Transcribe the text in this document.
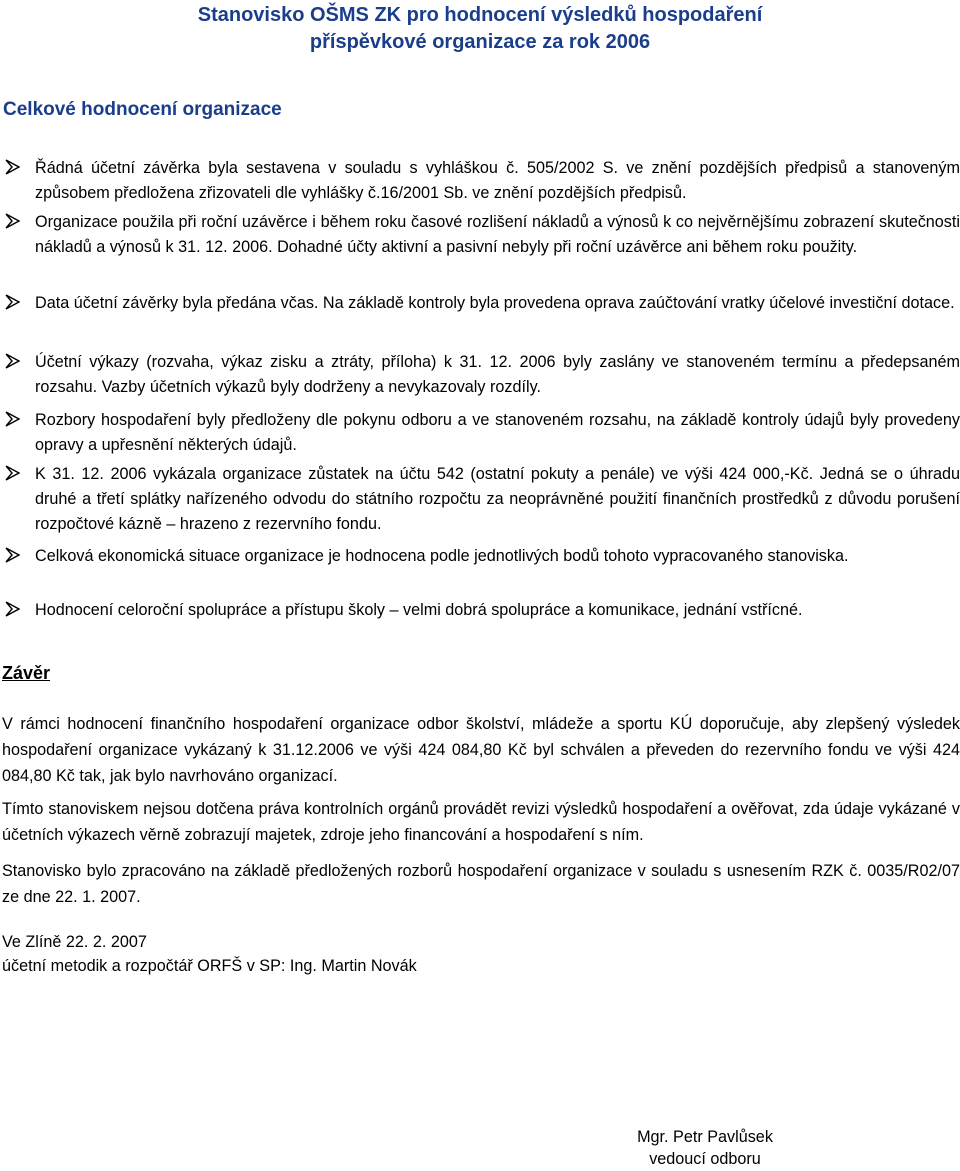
Stanovisko OŠMS ZK pro hodnocení výsledků hospodaření
příspěvkové organizace za rok 2006
Celkové hodnocení organizace
Řádná účetní závěrka byla sestavena v souladu s vyhláškou č. 505/2002 S. ve znění pozdějších předpisů a stanoveným způsobem předložena zřizovateli dle vyhlášky č.16/2001 Sb. ve znění pozdějších předpisů.
Organizace použila při roční uzávěrce i během roku časové rozlišení nákladů a výnosů k co nejvěrnějšímu zobrazení skutečnosti nákladů a výnosů k 31. 12. 2006. Dohadné účty aktivní a pasivní nebyly při roční uzávěrce ani během roku použity.
Data účetní závěrky byla předána včas. Na základě kontroly byla provedena oprava zaúčtování vratky účelové investiční dotace.
Účetní výkazy (rozvaha, výkaz zisku a ztráty, příloha) k 31. 12. 2006 byly zaslány ve stanoveném termínu a předepsaném rozsahu. Vazby účetních výkazů byly dodrženy a nevykazovaly rozdíly.
Rozbory hospodaření byly předloženy dle pokynu odboru a ve stanoveném rozsahu, na základě kontroly údajů byly provedeny opravy a upřesnění některých údajů.
K 31. 12. 2006 vykázala organizace zůstatek na účtu 542 (ostatní pokuty a penále) ve výši 424 000,-Kč. Jedná se o úhradu druhé a třetí splátky nařízeného odvodu do státního rozpočtu za neoprávněné použití finančních prostředků z důvodu porušení rozpočtové kázně – hrazeno z rezervního fondu.
Celková ekonomická situace organizace je hodnocena podle jednotlivých bodů tohoto vypracovaného stanoviska.
Hodnocení celoroční spolupráce a přístupu školy – velmi dobrá spolupráce a komunikace, jednání vstřícné.
Závěr
V rámci hodnocení finančního hospodaření organizace odbor školství, mládeže a sportu KÚ doporučuje, aby zlepšený výsledek hospodaření organizace vykázaný k 31.12.2006 ve výši 424 084,80 Kč byl schválen a převeden do rezervního fondu ve výši 424 084,80 Kč tak, jak bylo navrhováno organizací.
Tímto stanoviskem nejsou dotčena práva kontrolních orgánů provádět revizi výsledků hospodaření a ověřovat, zda údaje vykázané v účetních výkazech věrně zobrazují majetek, zdroje jeho financování a hospodaření s ním.
Stanovisko bylo zpracováno na základě předložených rozborů hospodaření organizace v souladu s usnesením RZK č. 0035/R02/07 ze dne 22. 1. 2007.
Ve Zlíně 22. 2. 2007
účetní metodik a rozpočtář ORFŠ v SP: Ing. Martin Novák
Mgr. Petr Pavlůsek
vedoucí odboru
